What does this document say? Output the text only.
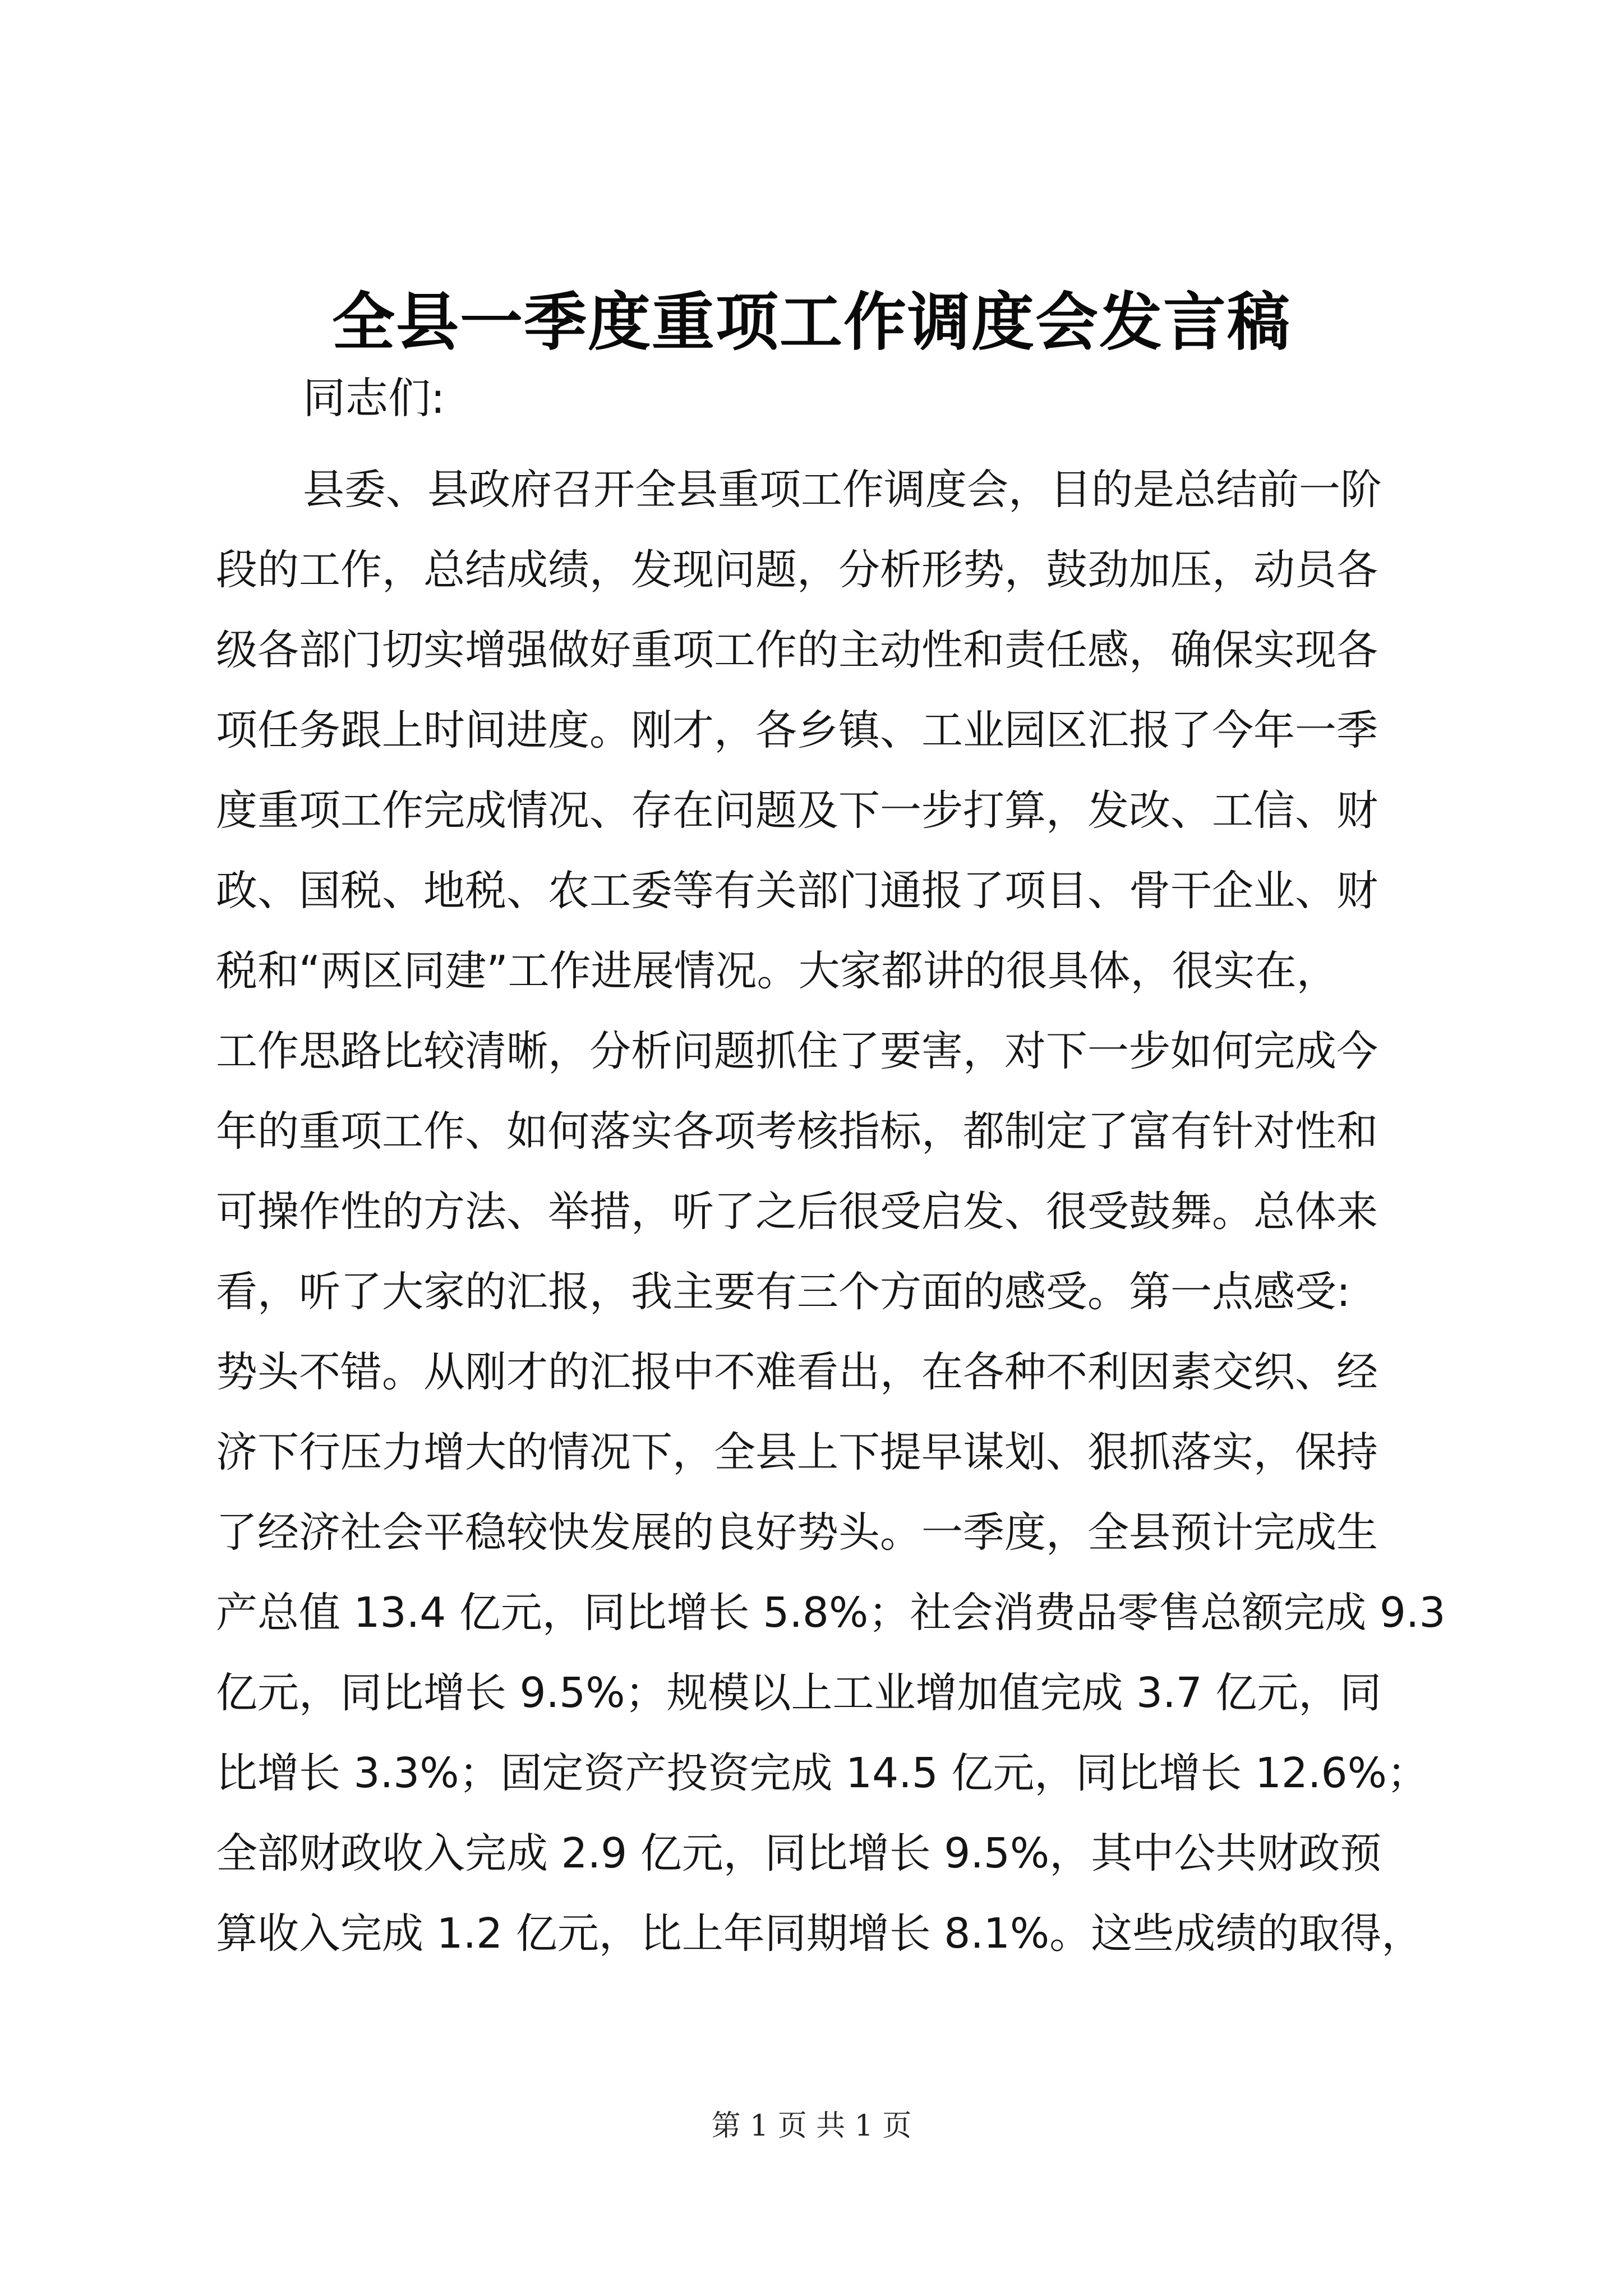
全县一季度重项工作调度会发言稿
同志们:
县委、县政府召开全县重项工作调度会，目的是总结前一阶
段的工作，总结成绩，发现问题，分析形势，鼓劲加压，动员各
级各部门切实增强做好重项工作的主动性和责任感，确保实现各
项任务跟上时间进度。刚才，各乡镇、工业园区汇报了今年一季
度重项工作完成情况、存在问题及下一步打算，发改、工信、财
政、国税、地税、农工委等有关部门通报了项目、骨干企业、财
税和“两区同建”工作进展情况。大家都讲的很具体，很实在，
工作思路比较清晰，分析问题抓住了要害，对下一步如何完成今
年的重项工作、如何落实各项考核指标，都制定了富有针对性和
可操作性的方法、举措，听了之后很受启发、很受鼓舞。总体来
看，听了大家的汇报，我主要有三个方面的感受。第一点感受:
势头不错。从刚才的汇报中不难看出，在各种不利因素交织、经
济下行压力增大的情况下，全县上下提早谋划、狠抓落实，保持
了经济社会平稳较快发展的良好势头。一季度，全县预计完成生
产总值 13.4 亿元，同比增长 5.8%；社会消费品零售总额完成 9.3
亿元，同比增长 9.5%；规模以上工业增加值完成 3.7 亿元，同
比增长 3.3%；固定资产投资完成 14.5 亿元，同比增长 12.6%；
全部财政收入完成 2.9 亿元，同比增长 9.5%，其中公共财政预
算收入完成 1.2 亿元，比上年同期增长 8.1%。这些成绩的取得，
第 1 页 共 1 页
